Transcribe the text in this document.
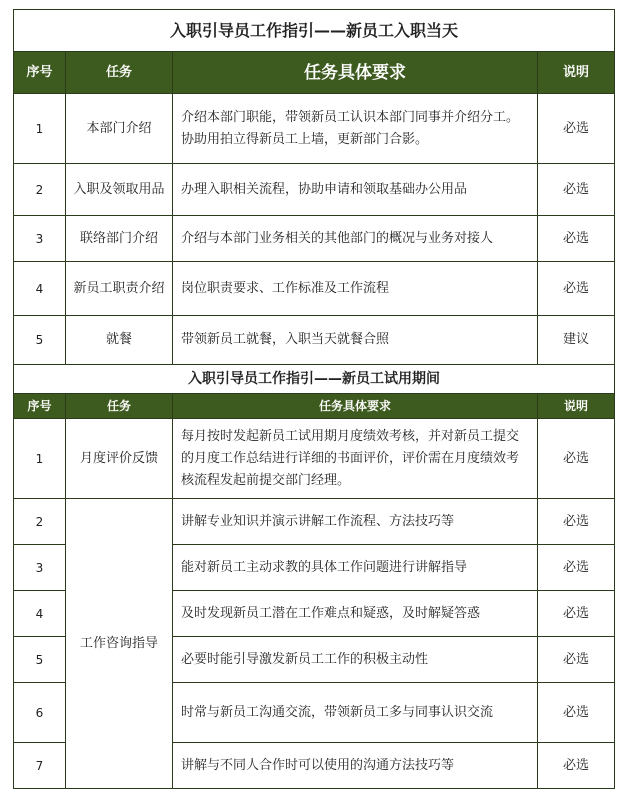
入职引导员工作指引——新员工入职当天			
序号	任务	任务具体要求	说明
1	本部门介绍	介绍本部门职能，带领新员工认识本部门同事并介绍分工。协助用拍立得新员工上墙，更新部门合影。	必选
2	入职及领取用品	办理入职相关流程，协助申请和领取基础办公用品	必选
3	联络部门介绍	介绍与本部门业务相关的其他部门的概况与业务对接人	必选
4	新员工职责介绍	岗位职责要求、工作标准及工作流程	必选
5	就餐	带领新员工就餐，入职当天就餐合照	建议
入职引导员工作指引——新员工试用期间			
序号	任务	任务具体要求	说明
1	月度评价反馈	每月按时发起新员工试用期月度绩效考核，并对新员工提交的月度工作总结进行详细的书面评价，评价需在月度绩效考核流程发起前提交部门经理。	必选
2	工作咨询指导	讲解专业知识并演示讲解工作流程、方法技巧等	必选
3		能对新员工主动求教的具体工作问题进行讲解指导	必选
4		及时发现新员工潜在工作难点和疑惑，及时解疑答惑	必选
5		必要时能引导激发新员工工作的积极主动性	必选
6		时常与新员工沟通交流，带领新员工多与同事认识交流	必选
7		讲解与不同人合作时可以使用的沟通方法技巧等	必选
